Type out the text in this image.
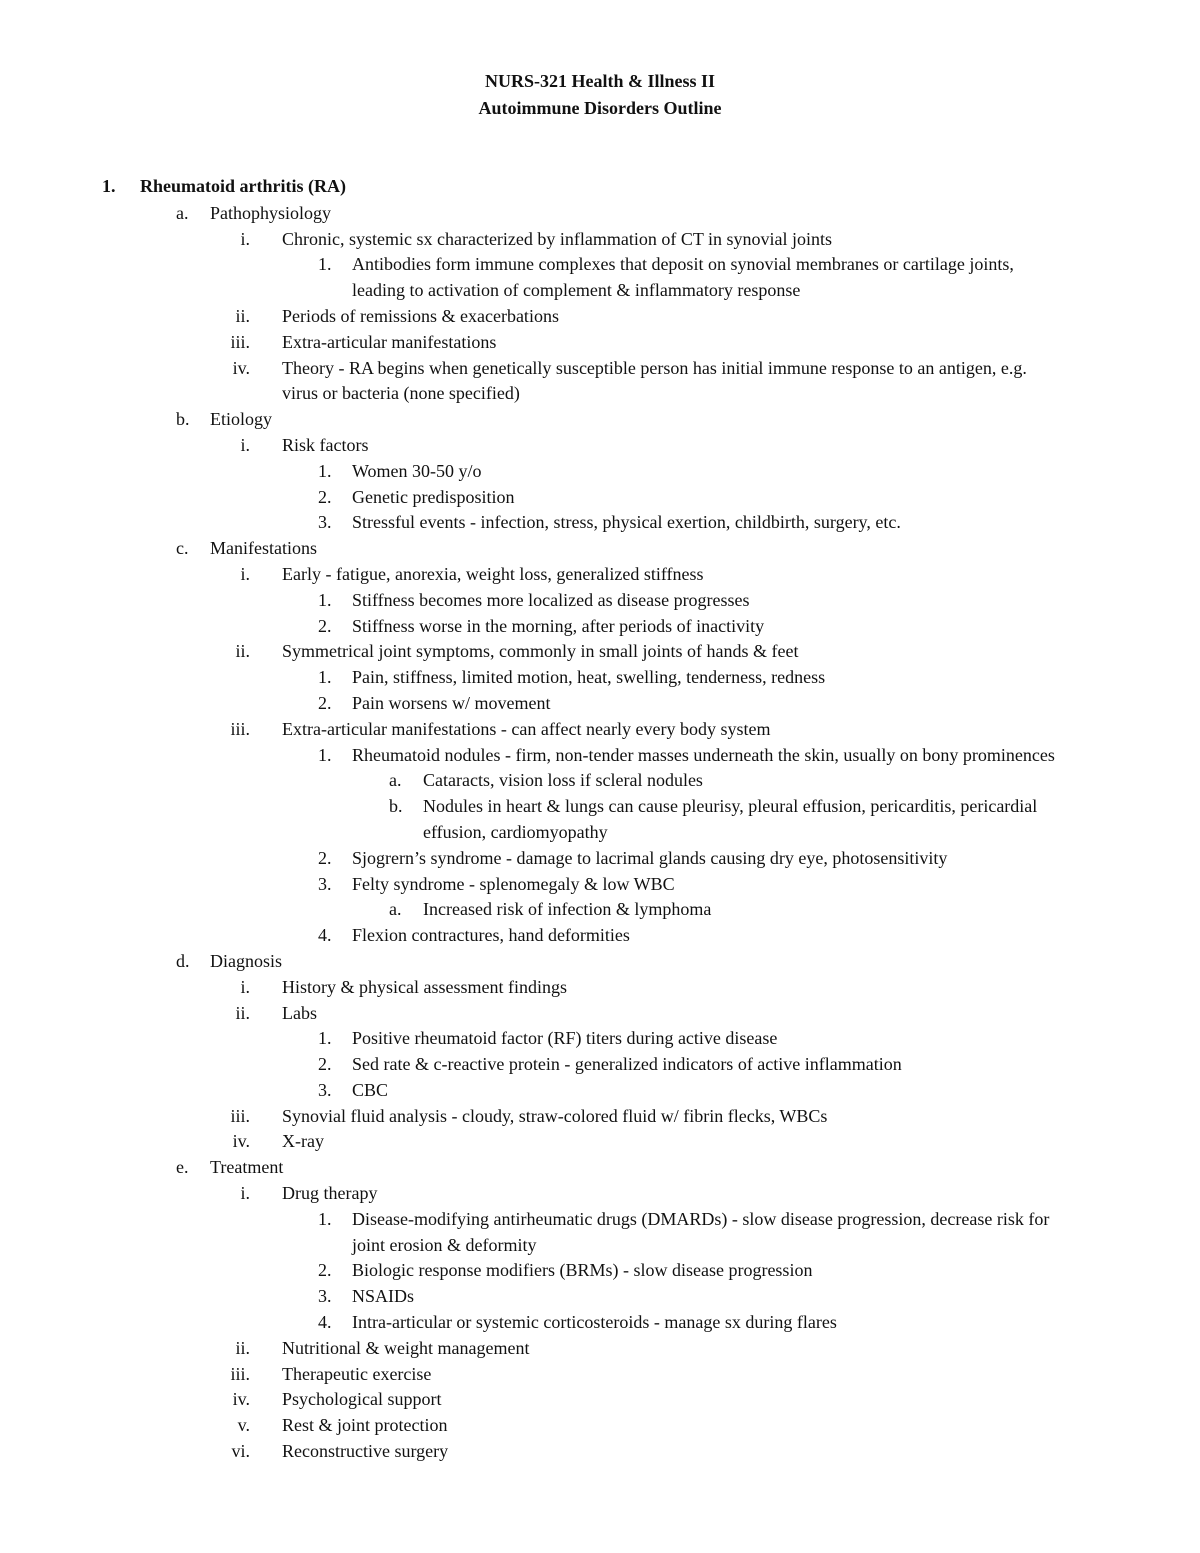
NURS-321 Health & Illness II
Autoimmune Disorders Outline
1. Rheumatoid arthritis (RA)

a. Pathophysiology

i. Chronic, systemic sx characterized by inflammation of CT in synovial joints

1. Antibodies form immune complexes that deposit on synovial membranes or cartilage joints,

leading to activation of complement & inflammatory response

ii. Periods of remissions & exacerbations

iii. Extra-articular manifestations

iv. Theory - RA begins when genetically susceptible person has initial immune response to an antigen, e.g.

virus or bacteria (none specified)

b. Etiology

i. Risk factors

1. Women 30-50 y/o

2. Genetic predisposition

3. Stressful events - infection, stress, physical exertion, childbirth, surgery, etc.

c. Manifestations

i. Early - fatigue, anorexia, weight loss, generalized stiffness

1. Stiffness becomes more localized as disease progresses

2. Stiffness worse in the morning, after periods of inactivity

ii. Symmetrical joint symptoms, commonly in small joints of hands & feet

1. Pain, stiffness, limited motion, heat, swelling, tenderness, redness

2. Pain worsens w/ movement

iii. Extra-articular manifestations - can affect nearly every body system

1. Rheumatoid nodules - firm, non-tender masses underneath the skin, usually on bony prominences

a. Cataracts, vision loss if scleral nodules

b. Nodules in heart & lungs can cause pleurisy, pleural effusion, pericarditis, pericardial

effusion, cardiomyopathy

2. Sjogrern’s syndrome - damage to lacrimal glands causing dry eye, photosensitivity

3. Felty syndrome - splenomegaly & low WBC

a. Increased risk of infection & lymphoma

4. Flexion contractures, hand deformities

d. Diagnosis

i. History & physical assessment findings

ii. Labs

1. Positive rheumatoid factor (RF) titers during active disease

2. Sed rate & c-reactive protein - generalized indicators of active inflammation

3. CBC

iii. Synovial fluid analysis - cloudy, straw-colored fluid w/ fibrin flecks, WBCs

iv. X-ray

e. Treatment

i. Drug therapy

1. Disease-modifying antirheumatic drugs (DMARDs) - slow disease progression, decrease risk for

joint erosion & deformity

2. Biologic response modifiers (BRMs) - slow disease progression

3. NSAIDs

4. Intra-articular or systemic corticosteroids - manage sx during flares

ii. Nutritional & weight management

iii. Therapeutic exercise

iv. Psychological support

v. Rest & joint protection

vi. Reconstructive surgery
